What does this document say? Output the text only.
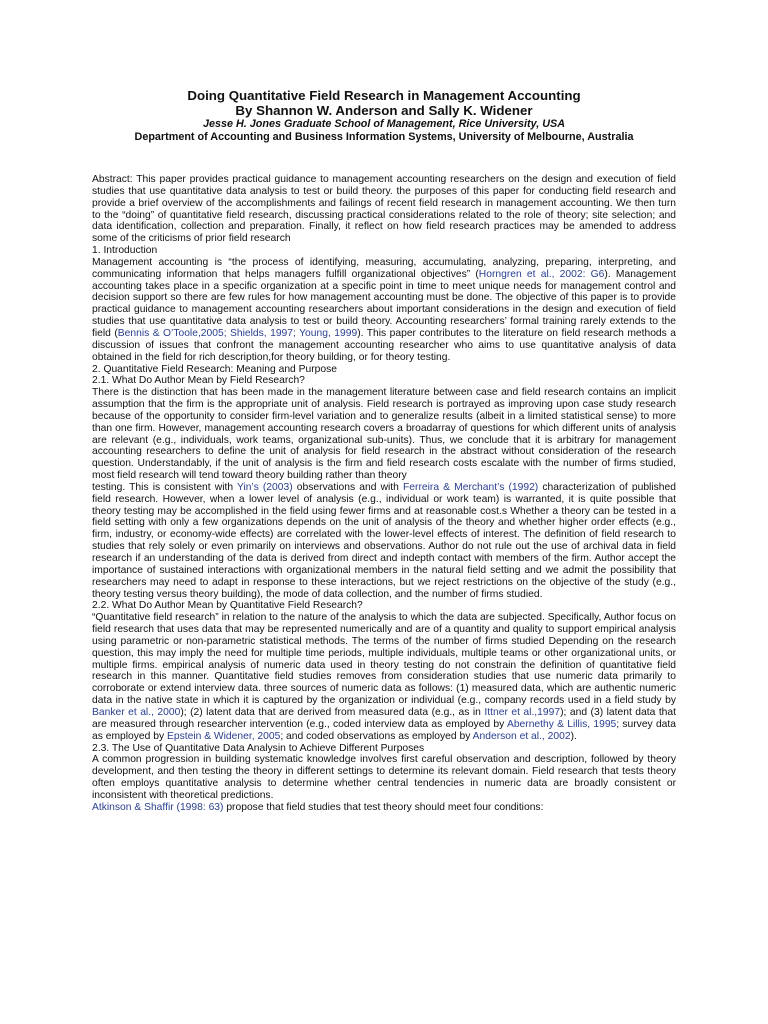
Doing Quantitative Field Research in Management Accounting

By Shannon W. Anderson and Sally K. Widener

Jesse H. Jones Graduate School of Management, Rice University, USA

Department of Accounting and Business Information Systems, University of Melbourne, Australia

Abstract: This paper provides practical guidance to management accounting researchers on the design and execution of field studies that use quantitative data analysis to test or build theory. the purposes of this paper for conducting field research and provide a brief overview of the accomplishments and failings of recent field research in management accounting. We then turn to the “doing” of quantitative field research, discussing practical considerations related to the role of theory; site selection; and data identification, collection and preparation. Finally, it reflect on how field research practices may be amended to address some of the criticisms of prior field research

1. Introduction

Management accounting is “the process of identifying, measuring, accumulating, analyzing, preparing, interpreting, and communicating information that helps managers fulfill organizational objectives” (Horngren et al., 2002: G6). Management accounting takes place in a specific organization at a specific point in time to meet unique needs for management control and decision support so there are few rules for how management accounting must be done. The objective of this paper is to provide practical guidance to management accounting researchers about important considerations in the design and execution of field studies that use quantitative data analysis to test or build theory. Accounting researchers’ formal training rarely extends to the field (Bennis & O’Toole,2005; Shields, 1997; Young, 1999). This paper contributes to the literature on field research methods a discussion of issues that confront the management accounting researcher who aims to use quantitative analysis of data obtained in the field for rich description,for theory building, or for theory testing.

2. Quantitative Field Research: Meaning and Purpose

2.1. What Do Author Mean by Field Research?

There is the distinction that has been made in the management literature between case and field research contains an implicit assumption that the firm is the appropriate unit of analysis. Field research is portrayed as improving upon case study research because of the opportunity to consider firm-level variation and to generalize results (albeit in a limited statistical sense) to more than one firm. However, management accounting research covers a broadarray of questions for which different units of analysis are relevant (e.g., individuals, work teams, organizational sub-units). Thus, we conclude that it is arbitrary for management accounting researchers to define the unit of analysis for field research in the abstract without consideration of the research question. Understandably, if the unit of analysis is the firm and field research costs escalate with the number of firms studied, most field research will tend toward theory building rather than theory

testing. This is consistent with Yin’s (2003) observations and with Ferreira & Merchant’s (1992) characterization of published field research. However, when a lower level of analysis (e.g., individual or work team) is warranted, it is quite possible that theory testing may be accomplished in the field using fewer firms and at reasonable cost.s Whether a theory can be tested in a field setting with only a few organizations depends on the unit of analysis of the theory and whether higher order effects (e.g., firm, industry, or economy-wide effects) are correlated with the lower-level effects of interest. The definition of field research to studies that rely solely or even primarily on interviews and observations. Author do not rule out the use of archival data in field research if an understanding of the data is derived from direct and indepth contact with members of the firm. Author accept the importance of sustained interactions with organizational members in the natural field setting and we admit the possibility that researchers may need to adapt in response to these interactions, but we reject restrictions on the objective of the study (e.g., theory testing versus theory building), the mode of data collection, and the number of firms studied.

2.2. What Do Author Mean by Quantitative Field Research?

“Quantitative field research” in relation to the nature of the analysis to which the data are subjected. Specifically, Author focus on field research that uses data that may be represented numerically and are of a quantity and quality to support empirical analysis using parametric or non-parametric statistical methods. The terms of the number of firms studied Depending on the research question, this may imply the need for multiple time periods, multiple individuals, multiple teams or other organizational units, or multiple firms. empirical analysis of numeric data used in theory testing do not constrain the definition of quantitative field research in this manner. Quantitative field studies removes from consideration studies that use numeric data primarily to corroborate or extend interview data. three sources of numeric data as follows: (1) measured data, which are authentic numeric data in the native state in which it is captured by the organization or individual (e.g., company records used in a field study by Banker et al., 2000); (2) latent data that are derived from measured data (e.g., as in Ittner et al.,1997); and (3) latent data that are measured through researcher intervention (e.g., coded interview data as employed by Abernethy & Lillis, 1995; survey data as employed by Epstein & Widener, 2005; and coded observations as employed by Anderson et al., 2002).

2.3. The Use of Quantitative Data Analysin to Achieve Different Purposes

A common progression in building systematic knowledge involves first careful observation and description, followed by theory development, and then testing the theory in different settings to determine its relevant domain. Field research that tests theory often employs quantitative analysis to determine whether central tendencies in numeric data are broadly consistent or inconsistent with theoretical predictions.

Atkinson & Shaffir (1998: 63) propose that field studies that test theory should meet four conditions:
